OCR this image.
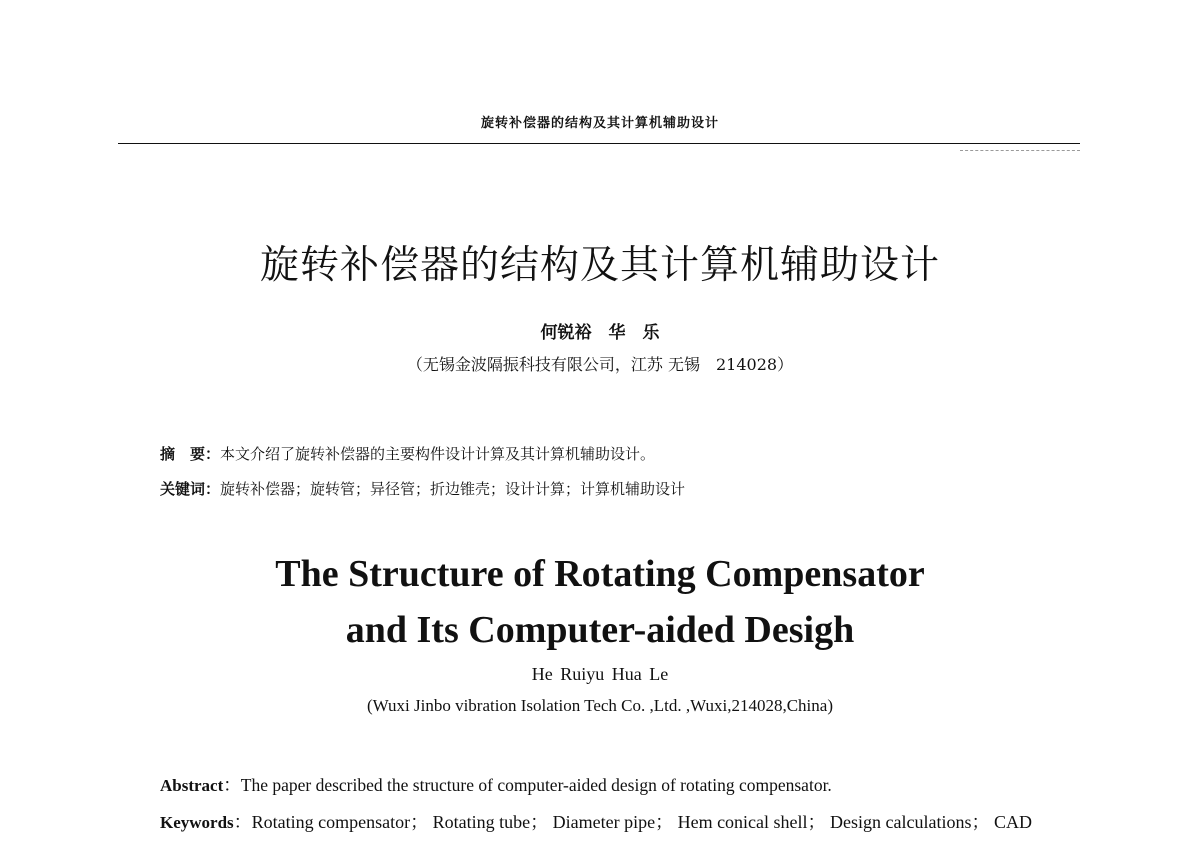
旋转补偿器的结构及其计算机辅助设计
旋转补偿器的结构及其计算机辅助设计
何锐裕　华　乐
（无锡金波隔振科技有限公司，江苏 无锡　214028）
摘　要：本文介绍了旋转补偿器的主要构件设计计算及其计算机辅助设计。
关键词：旋转补偿器；旋转管；异径管；折边锥壳；设计计算；计算机辅助设计
The Structure of Rotating Compensator
and Its Computer-aided Desigh
He Ruiyu Hua Le
(Wuxi Jinbo vibration Isolation Tech Co. ,Ltd. ,Wuxi,214028,China)
Abstract：The paper described the structure of computer-aided design of rotating compensator.
Keywords：Rotating compensator； Rotating tube； Diameter pipe； Hem conical shell； Design calculations； CAD
